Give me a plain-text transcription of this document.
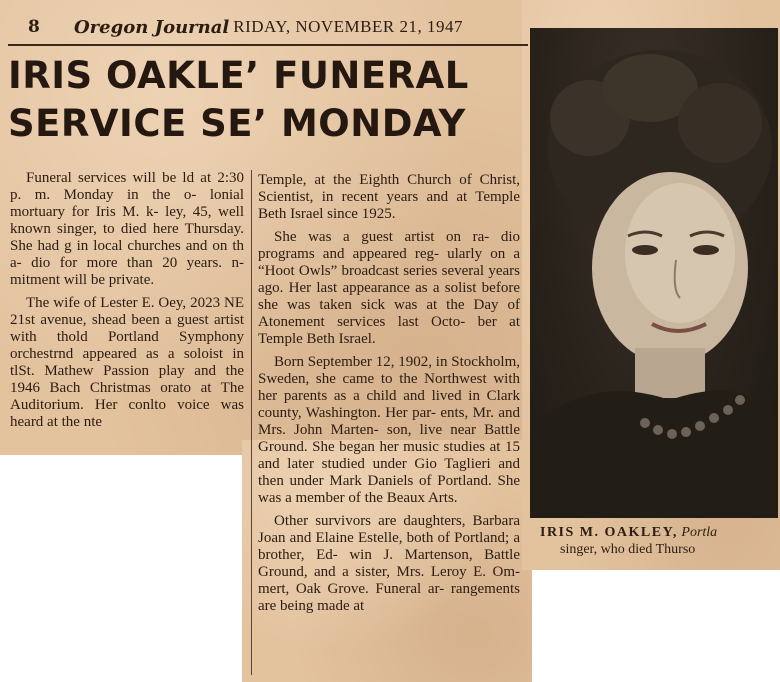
8	Oregon Journal RIDAY, NOVEMBER 21, 1947
IRIS OAKLE’ FUNERAL
SERVICE SE’ MONDAY

Funeral services will be ld at 2:30 p. m. Monday in the o- lonial mortuary for Iris M. k- ley, 45, well known singer, to died here Thursday. She had g in local churches and on th a- dio for more than 20 years. n- mitment will be private.

The wife of Lester E. Oey, 2023 NE 21st avenue, shead been a guest artist with thold Portland Symphony orchestrnd appeared as a soloist in tlSt. Mathew Passion play and the 1946 Bach Christmas orato at The Auditorium. Her conlto voice was heard at the nte

Temple, at the Eighth Church of Christ, Scientist, in recent years and at Temple Beth Israel since 1925.

She was a guest artist on ra- dio programs and appeared reg- ularly on a “Hoot Owls” broadcast series several years ago. Her last appearance as a solist before she was taken sick was at the Day of Atonement services last Octo- ber at Temple Beth Israel.

Born September 12, 1902, in Stockholm, Sweden, she came to the Northwest with her parents as a child and lived in Clark county, Washington. Her par- ents, Mr. and Mrs. John Marten- son, live near Battle Ground. She began her music studies at 15 and later studied under Gio Taglieri and then under Mark Daniels of Portland. She was a member of the Beaux Arts.

Other survivors are daughters, Barbara Joan and Elaine Estelle, both of Portland; a brother, Ed- win J. Martenson, Battle Ground, and a sister, Mrs. Leroy E. Om- mert, Oak Grove. Funeral ar- rangements are being made at

IRIS M. OAKLEY, Portla
singer, who died Thurso
